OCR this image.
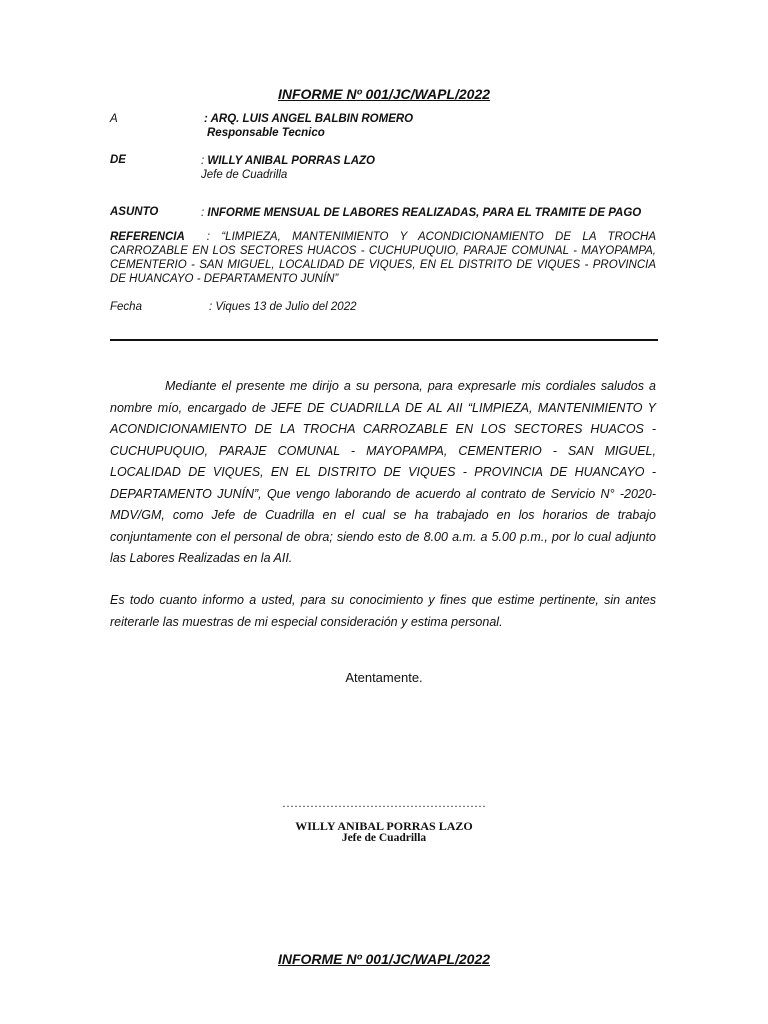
INFORME Nº 001/JC/WAPL/2022
A	: ARQ. LUIS ANGEL BALBIN ROMERO
Responsable Tecnico
DE	: WILLY ANIBAL PORRAS LAZO
Jefe de Cuadrilla
ASUNTO	: INFORME MENSUAL DE LABORES REALIZADAS, PARA EL TRAMITE DE PAGO
REFERENCIA : “LIMPIEZA, MANTENIMIENTO Y ACONDICIONAMIENTO DE LA TROCHA CARROZABLE EN LOS SECTORES HUACOS - CUCHUPUQUIO, PARAJE COMUNAL - MAYOPAMPA, CEMENTERIO - SAN MIGUEL, LOCALIDAD DE VIQUES, EN EL DISTRITO DE VIQUES - PROVINCIA DE HUANCAYO - DEPARTAMENTO JUNÍN”
Fecha	: Viques 13 de Julio del 2022
Mediante el presente me dirijo a su persona, para expresarle mis cordiales saludos a nombre mío, encargado de JEFE DE CUADRILLA DE AL AII “LIMPIEZA, MANTENIMIENTO Y ACONDICIONAMIENTO DE LA TROCHA CARROZABLE EN LOS SECTORES HUACOS - CUCHUPUQUIO, PARAJE COMUNAL - MAYOPAMPA, CEMENTERIO - SAN MIGUEL, LOCALIDAD DE VIQUES, EN EL DISTRITO DE VIQUES - PROVINCIA DE HUANCAYO - DEPARTAMENTO JUNÍN”, Que vengo laborando de acuerdo al contrato de Servicio N° -2020-MDV/GM, como Jefe de Cuadrilla en el cual se ha trabajado en los horarios de trabajo conjuntamente con el personal de obra; siendo esto de 8.00 a.m. a 5.00 p.m., por lo cual adjunto las Labores Realizadas en la AII.
Es todo cuanto informo a usted, para su conocimiento y fines que estime pertinente, sin antes reiterarle las muestras de mi especial consideración y estima personal.
Atentamente.
……………………………………………
WILLY ANIBAL PORRAS LAZO
Jefe de Cuadrilla
INFORME Nº 001/JC/WAPL/2022
